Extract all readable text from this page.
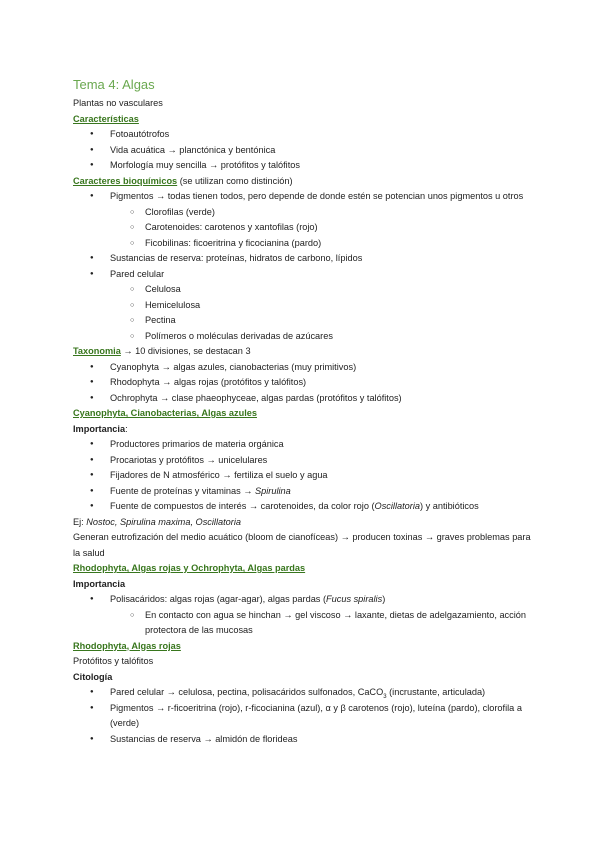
Tema 4: Algas

Plantas no vasculares

Características

● Fotoautótrofos
● Vida acuática → planctónica y bentónica
● Morfología muy sencilla → protófitos y talófitos

Caracteres bioquímicos (se utilizan como distinción)

● Pigmentos → todas tienen todos, pero depende de donde estén se potencian unos pigmentos u otros
○ Clorofilas (verde)
○ Carotenoides: carotenos y xantofilas (rojo)
○ Ficobilinas: ficoeritrina y ficocianina (pardo)
● Sustancias de reserva: proteínas, hidratos de carbono, lípidos
● Pared celular
○ Celulosa
○ Hemicelulosa
○ Pectina
○ Polímeros o moléculas derivadas de azúcares

Taxonomia → 10 divisiones, se destacan 3

● Cyanophyta → algas azules, cianobacterias (muy primitivos)
● Rhodophyta → algas rojas (protófitos y talófitos)
● Ochrophyta → clase phaeophyceae, algas pardas (protófitos y talófitos)

Cyanophyta, Cianobacterias, Algas azules

Importancia:

● Productores primarios de materia orgánica
● Procariotas y protófitos → unicelulares
● Fijadores de N atmosférico → fertiliza el suelo y agua
● Fuente de proteínas y vitaminas → Spirulina
● Fuente de compuestos de interés → carotenoides, da color rojo (Oscillatoria) y antibióticos

Ej: Nostoc, Spirulina maxima, Oscillatoria

Generan eutrofización del medio acuático (bloom de cianofíceas) → producen toxinas → graves problemas para la salud

Rhodophyta, Algas rojas y Ochrophyta, Algas pardas

Importancia

● Polisacáridos: algas rojas (agar-agar), algas pardas (Fucus spiralis)
○ En contacto con agua se hinchan → gel viscoso → laxante, dietas de adelgazamiento, acción protectora de las mucosas

Rhodophyta, Algas rojas

Protófitos y talófitos

Citología

● Pared celular → celulosa, pectina, polisacáridos sulfonados, CaCO$_3$ (incrustante, articulada)
● Pigmentos → r-ficoeritrina (rojo), r-ficocianina (azul), α y β carotenos (rojo), luteína (pardo), clorofila a (verde)
● Sustancias de reserva → almidón de florideas
